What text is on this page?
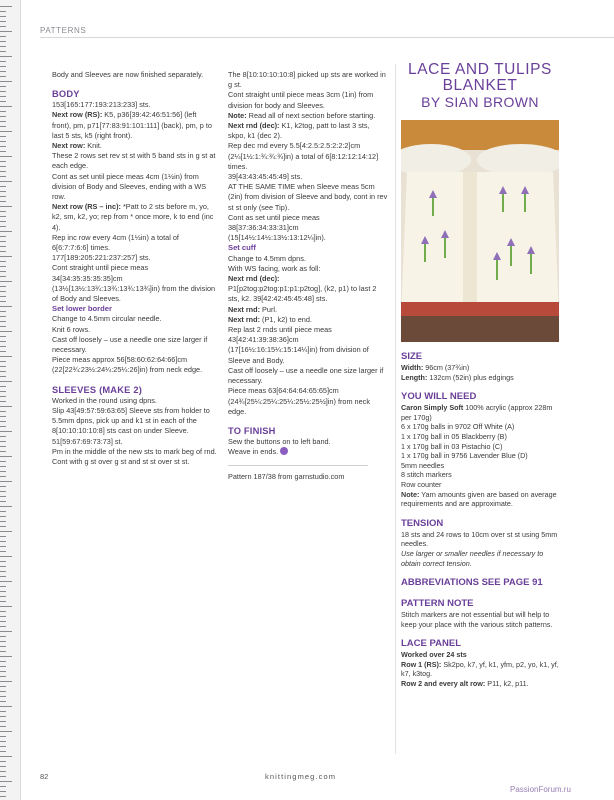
PATTERNS

Body and Sleeves are now finished separately.

BODY

153[165:177:193:213:233] sts.

Next row (RS): K5, p36[39:42:46:51:56] (left front), pm, p71[77:83:91:101:111] (back), pm, p to last 5 sts, k5 (right front).

Next row: Knit.

These 2 rows set rev st st with 5 band sts in g st at each edge.

Cont as set until piece meas 4cm (1½in) from division of Body and Sleeves, ending with a WS row.

Next row (RS – inc): *Patt to 2 sts before m, yo, k2, sm, k2, yo; rep from * once more, k to end (inc 4).

Rep inc row every 4cm (1½in) a total of 6[6:7:7:6:6] times.

177[189:205:221:237:257] sts.

Cont straight until piece meas 34[34:35:35:35:35]cm (13½[13½:13¾:13¾:13¾:13¾]in) from the division of Body and Sleeves.

Set lower border

Change to 4.5mm circular needle.

Knit 6 rows.

Cast off loosely – use a needle one size larger if necessary.

Piece meas approx 56[58:60:62:64:66]cm (22[22¾:23½:24¼:25¼:26]in) from neck edge.

SLEEVES (MAKE 2)

Worked in the round using dpns.

Slip 43[49:57:59:63:65] Sleeve sts from holder to 5.5mm dpns, pick up and k1 st in each of the 8[10:10:10:10:8] sts cast on under Sleeve. 51[59:67:69:73:73] st.

Pm in the middle of the new sts to mark beg of rnd.

Cont with g st over g st and st st over st st.

The 8[10:10:10:10:8] picked up sts are worked in g st.

Cont straight until piece meas 3cm (1in) from division for body and Sleeves.

Note: Read all of next section before starting.

Next rnd (dec): K1, k2tog, patt to last 3 sts, skpo, k1 (dec 2).

Rep dec rnd every 5.5[4:2.5:2.5:2:2:2]cm (2¼[1½:1:¾:¾:¾]in) a total of 6[8:12:12:14:12] times.

39[43:43:45:45:49] sts.

AT THE SAME TIME when Sleeve meas 5cm (2in) from division of Sleeve and body, cont in rev st st only (see Tip).

Cont as set until piece meas 38[37:36:34:33:31]cm (15[14½:14½:13½:13:12¼]in).

Set cuff

Change to 4.5mm dpns.

With WS facing, work as foll:

Next rnd (dec):

P1[p2tog:p2tog:p1:p1:p2tog], (k2, p1) to last 2 sts, k2. 39[42:42:45:45:48] sts.

Next rnd: Purl.

Next rnd: (P1, k2) to end.

Rep last 2 rnds until piece meas 43[42:41:39:38:36]cm (17[16½:16:15¼:15:14¼]in) from division of Sleeve and Body.

Cast off loosely – use a needle one size larger if necessary.

Piece meas 63[64:64:64:65:65]cm (24¾[25¼:25¼:25¼:25½:25½]in) from neck edge.

TO FINISH

Sew the buttons on to left band.

Weave in ends.

Pattern 187/38 from garnstudio.com

LACE AND TULIPS

BLANKET

BY SIAN BROWN

SIZE

Width: 96cm (37¾in)

Length: 132cm (52in) plus edgings

YOU WILL NEED

Caron Simply Soft 100% acrylic (approx 228m per 170g)

6 x 170g balls in 9702 Off White (A)

1 x 170g ball in 05 Blackberry (B)

1 x 170g ball in 03 Pistachio (C)

1 x 170g ball in 9756 Lavender Blue (D)

5mm needles

8 stitch markers

Row counter

Note: Yarn amounts given are based on average requirements and are approximate.

TENSION

18 sts and 24 rows to 10cm over st st using 5mm needles.

Use larger or smaller needles if necessary to obtain correct tension.

ABBREVIATIONS SEE PAGE 91

PATTERN NOTE

Stitch markers are not essential but will help to keep your place with the various stitch patterns.

LACE PANEL

Worked over 24 sts

Row 1 (RS): Sk2po, k7, yf, k1, yfm, p2, yo, k1, yf, k7, k3tog.

Row 2 and every alt row: P11, k2, p11.

82	knittingmeg.com
PassionForum.ru
